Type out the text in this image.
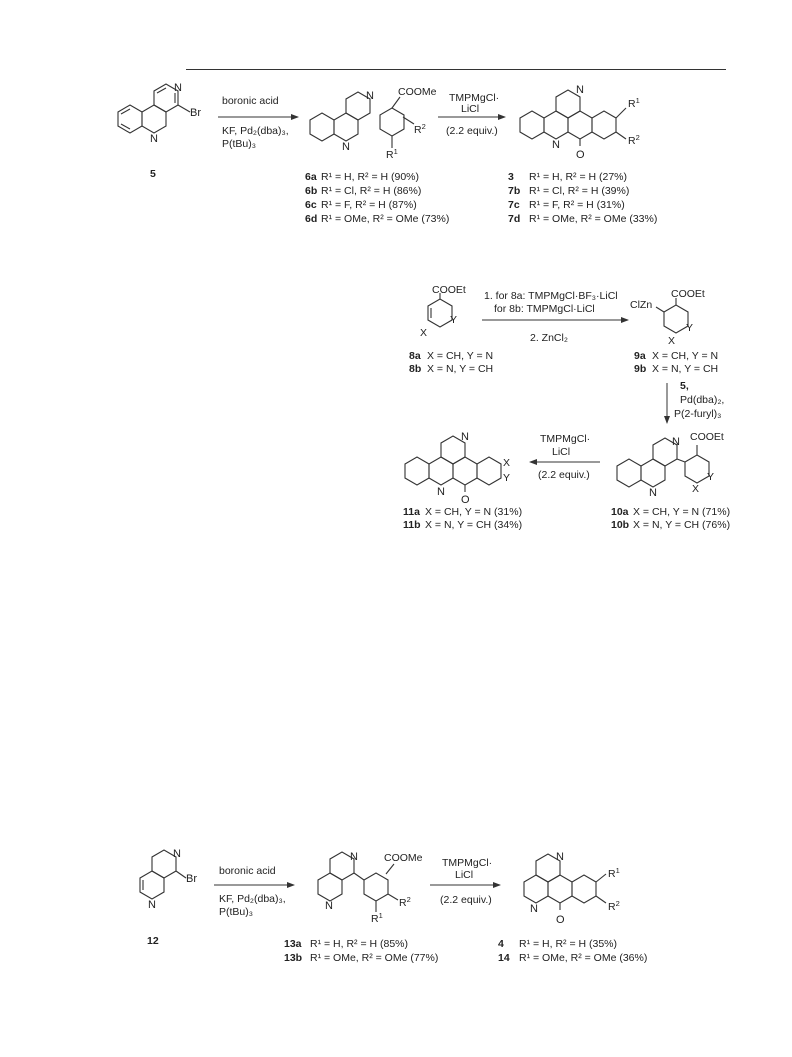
N
N
Br
5
boronic acid
KF, Pd₂(dba)₃,
P(tBu)₃
N
N
COOMe
$R^2$
$R^1$
TMPMgCl·
LiCl
(2.2 equiv.)
N
N
O
$R^1$
$R^2$
6a R¹ = H, R² = H (90%)
6b R¹ = Cl, R² = H (86%)
6c R¹ = F, R² = H (87%)
6d R¹ = OMe, R² = OMe (73%)
3 R¹ = H, R² = H (27%)
7b R¹ = Cl, R² = H (39%)
7c R¹ = F, R² = H (31%)
7d R¹ = OMe, R² = OMe (33%)
COOEt
X
Y
1. for 8a: TMPMgCl·BF₃·LiCl
for 8b: TMPMgCl·LiCl
2. ZnCl₂
COOEt
ClZn
X
Y
8a X = CH, Y = N
8b X = N, Y = CH
9a X = CH, Y = N
9b X = N, Y = CH
5,
Pd(dba)₂,
P(2-furyl)₃
N
N
COOEt
X
Y
TMPMgCl·
LiCl
(2.2 equiv.)
N
N
O
X
Y
11a X = CH, Y = N (31%)
11b X = N, Y = CH (34%)
10a X = CH, Y = N (71%)
10b X = N, Y = CH (76%)
N
N
Br
12
boronic acid
KF, Pd₂(dba)₃,
P(tBu)₃
N
N
COOMe
$R^2$
$R^1$
TMPMgCl·
LiCl
(2.2 equiv.)
N
N
O
$R^1$
$R^2$
13a R¹ = H, R² = H (85%)
13b R¹ = OMe, R² = OMe (77%)
4 R¹ = H, R² = H (35%)
14 R¹ = OMe, R² = OMe (36%)
